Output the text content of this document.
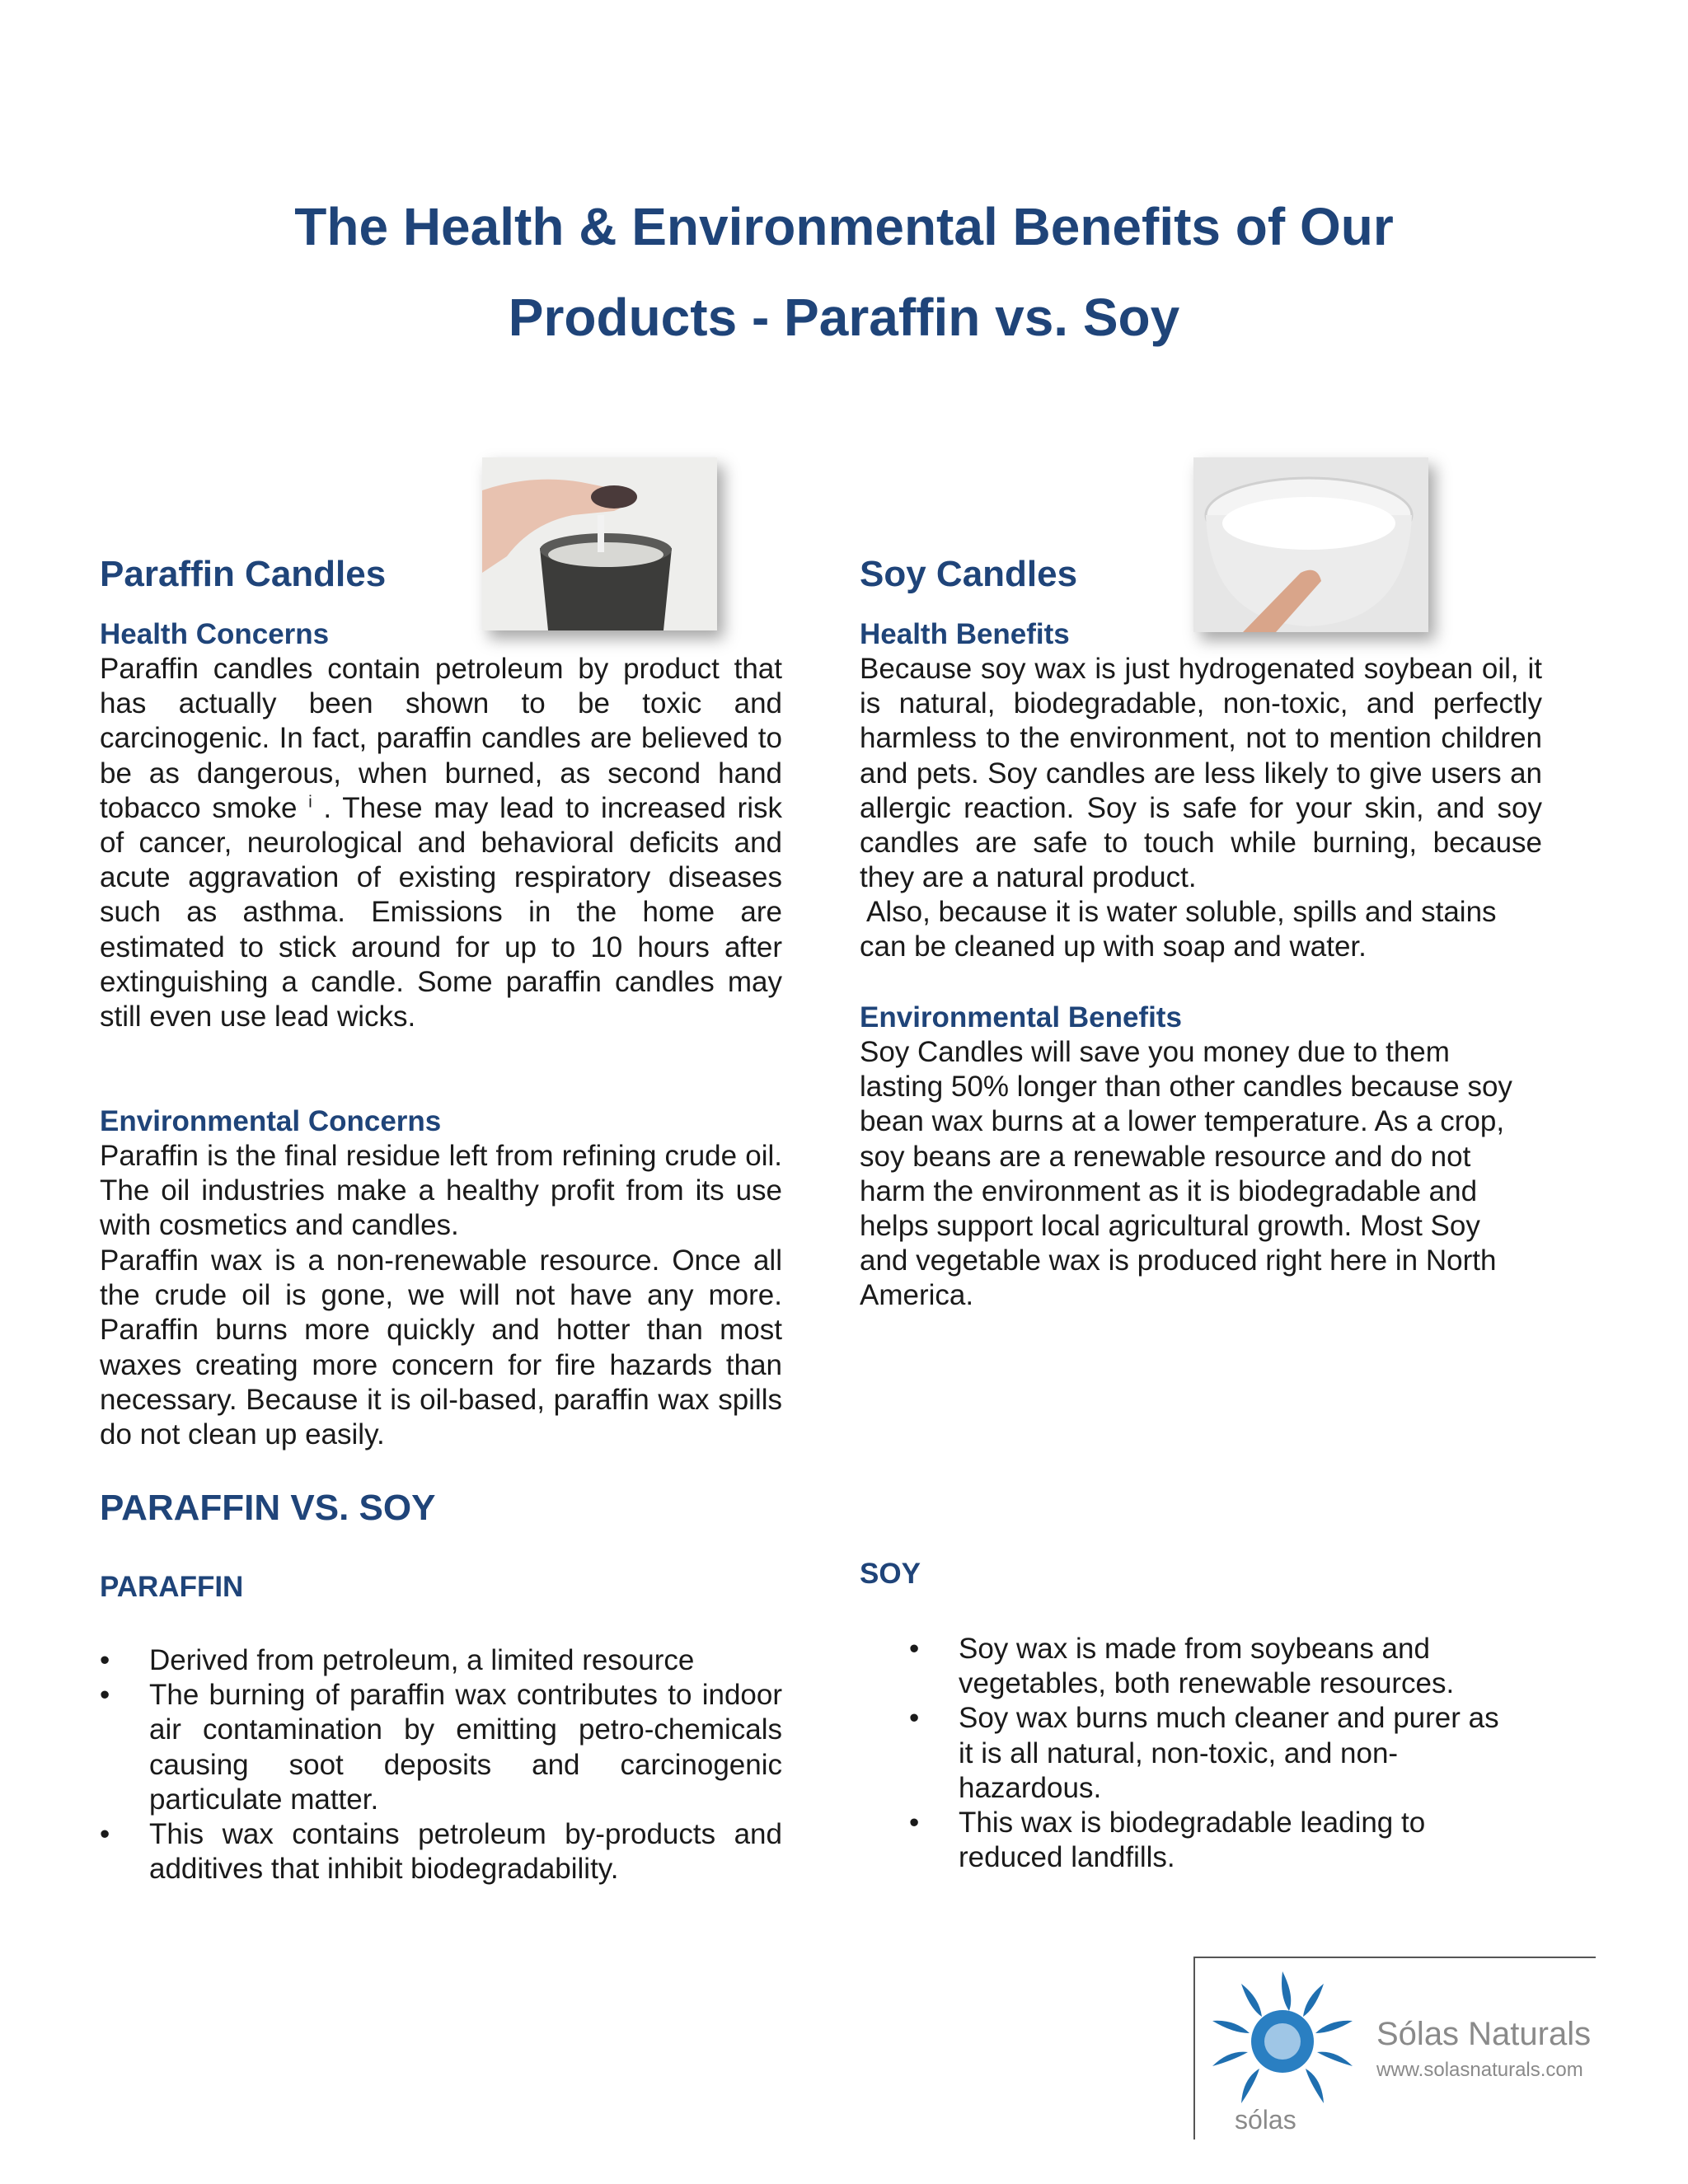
The Health & Environmental Benefits of Our
Products - Paraffin vs. Soy
Paraffin Candles
Health Concerns

Paraffin candles contain petroleum by product that has actually been shown to be toxic and carcinogenic. In fact, paraffin candles are believed to be as dangerous, when burned, as second hand tobacco smoke $^i$ . These may lead to increased risk of cancer, neurological and behavioral deficits and acute aggravation of existing respiratory diseases such as asthma. Emissions in the home are estimated to stick around for up to 10 hours after extinguishing a candle. Some paraffin candles may still even use lead wicks.

Environmental Concerns

Paraffin is the final residue left from refining crude oil. The oil industries make a healthy profit from its use with cosmetics and candles.

Paraffin wax is a non-renewable resource. Once all the crude oil is gone, we will not have any more. Paraffin burns more quickly and hotter than most waxes creating more concern for fire hazards than necessary. Because it is oil-based, paraffin wax spills do not clean up easily.

PARAFFIN VS. SOY

PARAFFIN

• Derived from petroleum, a limited resource
• The burning of paraffin wax contributes to indoor air contamination by emitting petro-chemicals causing soot deposits and carcinogenic particulate matter.
• This wax contains petroleum by-products and additives that inhibit biodegradability.
Soy Candles
Health Benefits

Because soy wax is just hydrogenated soybean oil, it is natural, biodegradable, non-toxic, and perfectly harmless to the environment, not to mention children and pets. Soy candles are less likely to give users an allergic reaction. Soy is safe for your skin, and soy candles are safe to touch while burning, because they are a natural product.

Also, because it is water soluble, spills and stains can be cleaned up with soap and water.

Environmental Benefits

Soy Candles will save you money due to them lasting 50% longer than other candles because soy bean wax burns at a lower temperature. As a crop, soy beans are a renewable resource and do not harm the environment as it is biodegradable and helps support local agricultural growth. Most Soy and vegetable wax is produced right here in North America.

SOY

• Soy wax is made from soybeans and vegetables, both renewable resources.
• Soy wax burns much cleaner and purer as it is all natural, non-toxic, and non-hazardous.
• This wax is biodegradable leading to reduced landfills.
Sólas Naturals
www.solasnaturals.com
sólas
